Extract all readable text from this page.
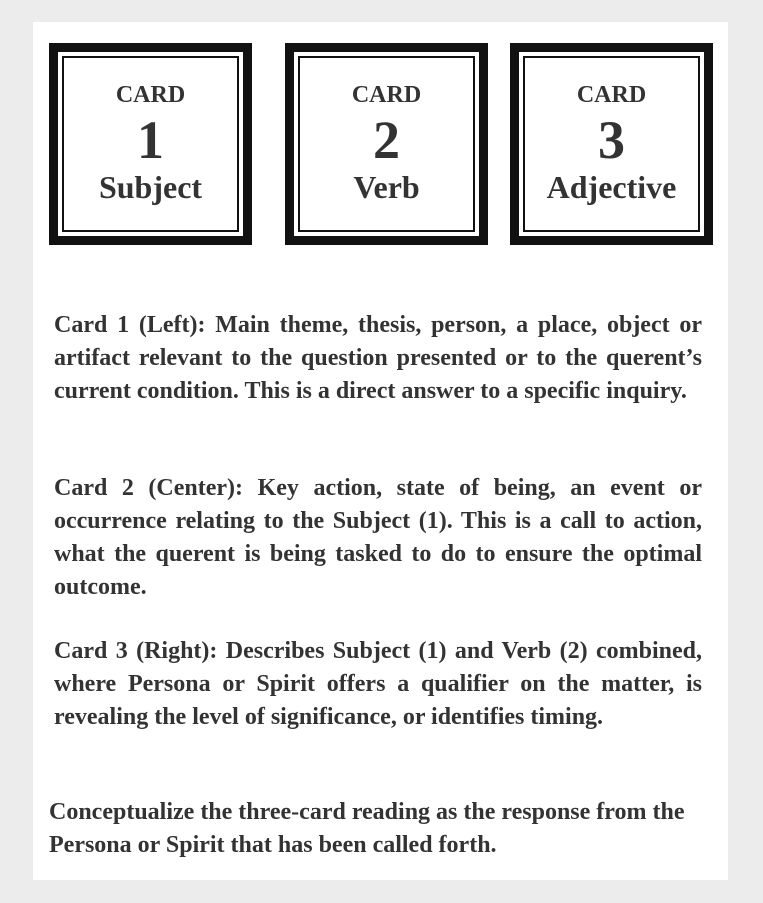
CARD
1
Subject
CARD
2
Verb
CARD
3
Adjective

Card 1 (Left): Main theme, thesis, person, a place, object or artifact relevant to the question presented or to the querent’s current condition. This is a direct answer to a specific inquiry.

Card 2 (Center): Key action, state of being, an event or occurrence relating to the Subject (1). This is a call to action, what the querent is being tasked to do to ensure the optimal outcome.

Card 3 (Right): Describes Subject (1) and Verb (2) combined, where Persona or Spirit offers a qualifier on the matter, is revealing the level of significance, or identifies timing.

Conceptualize the three-card reading as the response from the Persona or Spirit that has been called forth.
